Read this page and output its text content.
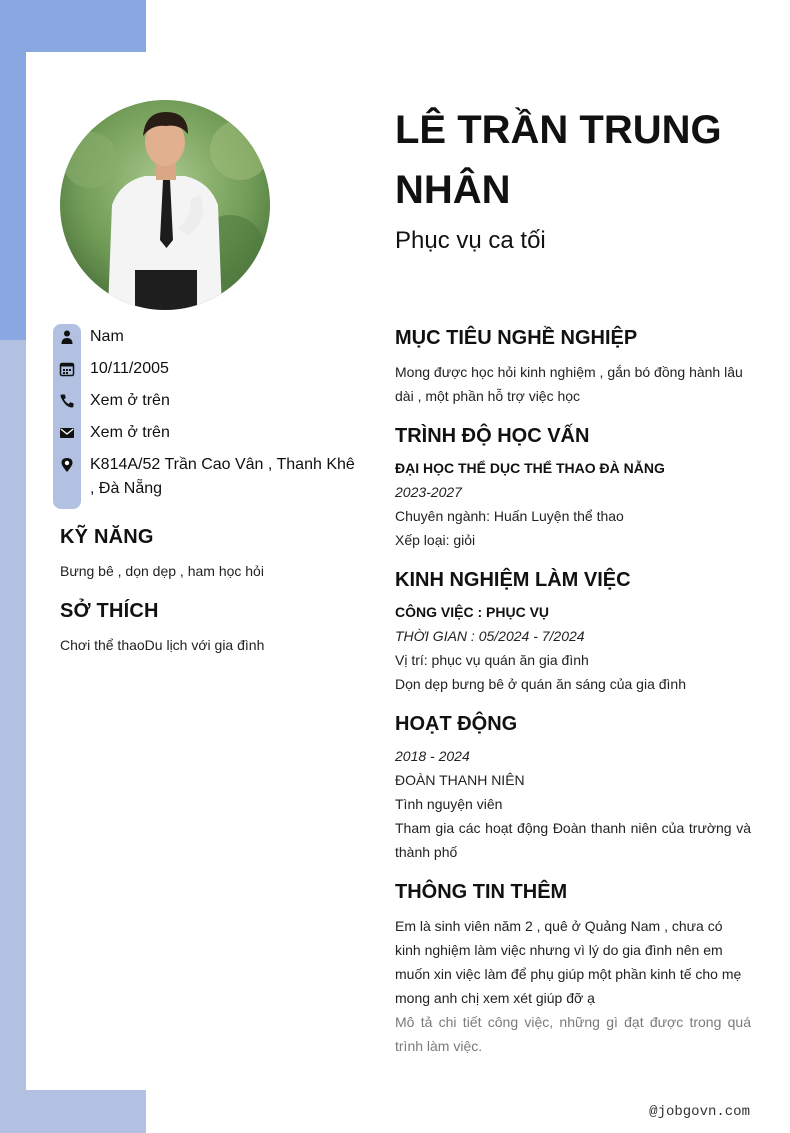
Nam
10/11/2005
Xem ở trên
Xem ở trên
K814A/52 Trần Cao Vân , Thanh Khê , Đà Nẵng
KỸ NĂNG
Bưng bê , dọn dẹp , ham học hỏi
SỞ THÍCH
Chơi thể thaoDu lịch với gia đình
LÊ TRẦN TRUNG NHÂN
Phục vụ ca tối
MỤC TIÊU NGHỀ NGHIỆP
Mong được học hỏi kinh nghiệm , gắn bó đồng hành lâu dài , một phần hỗ trợ việc học
TRÌNH ĐỘ HỌC VẤN
ĐẠI HỌC THỂ DỤC THỂ THAO ĐÀ NẴNG
2023-2027
Chuyên ngành: Huấn Luyện thể thao
Xếp loại: giỏi
KINH NGHIỆM LÀM VIỆC
CÔNG VIỆC : PHỤC VỤ
THỜI GIAN : 05/2024 - 7/2024
Vị trí: phục vụ quán ăn gia đình
Dọn dẹp bưng bê ở quán ăn sáng của gia đình
HOẠT ĐỘNG
2018 - 2024
ĐOÀN THANH NIÊN
Tình nguyện viên
Tham gia các hoạt động Đoàn thanh niên của trường và thành phố
THÔNG TIN THÊM
Em là sinh viên năm 2 , quê ở Quảng Nam , chưa có kinh nghiệm làm việc nhưng vì lý do gia đình nên em muốn xin việc làm để phụ giúp một phần kinh tế cho mẹ mong anh chị xem xét giúp đỡ ạ
Mô tả chi tiết công việc, những gì đạt được trong quá trình làm việc.
@jobgovn.com
